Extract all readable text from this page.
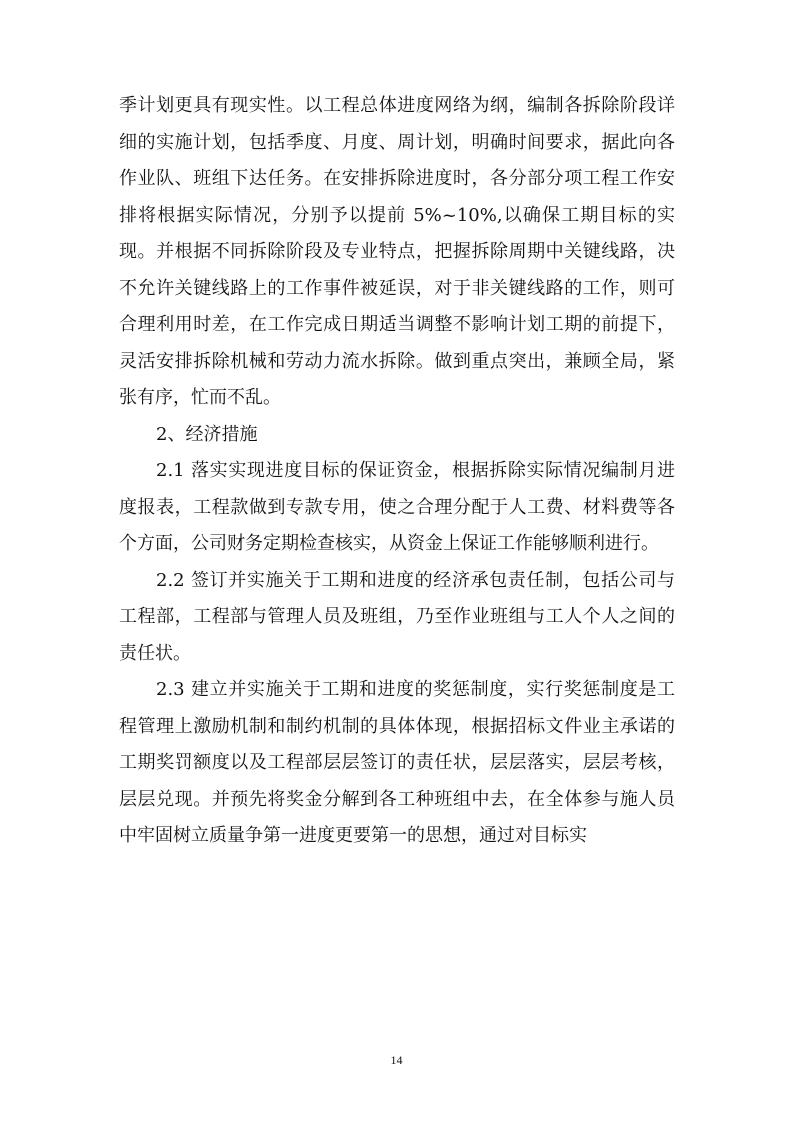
季计划更具有现实性。以工程总体进度网络为纲，编制各拆除阶段详细的实施计划，包括季度、月度、周计划，明确时间要求，据此向各作业队、班组下达任务。在安排拆除进度时，各分部分项工程工作安排将根据实际情况，分别予以提前 5%~10%,以确保工期目标的实现。并根据不同拆除阶段及专业特点，把握拆除周期中关键线路，决不允许关键线路上的工作事件被延误，对于非关键线路的工作，则可合理利用时差，在工作完成日期适当调整不影响计划工期的前提下，灵活安排拆除机械和劳动力流水拆除。做到重点突出，兼顾全局，紧张有序，忙而不乱。

2、经济措施

2.1 落实实现进度目标的保证资金，根据拆除实际情况编制月进度报表，工程款做到专款专用，使之合理分配于人工费、材料费等各个方面，公司财务定期检查核实，从资金上保证工作能够顺利进行。

2.2 签订并实施关于工期和进度的经济承包责任制，包括公司与工程部，工程部与管理人员及班组，乃至作业班组与工人个人之间的责任状。

2.3 建立并实施关于工期和进度的奖惩制度，实行奖惩制度是工程管理上激励机制和制约机制的具体体现，根据招标文件业主承诺的工期奖罚额度以及工程部层层签订的责任状，层层落实，层层考核，层层兑现。并预先将奖金分解到各工种班组中去，在全体参与施人员中牢固树立质量争第一进度更要第一的思想，通过对目标实

14
